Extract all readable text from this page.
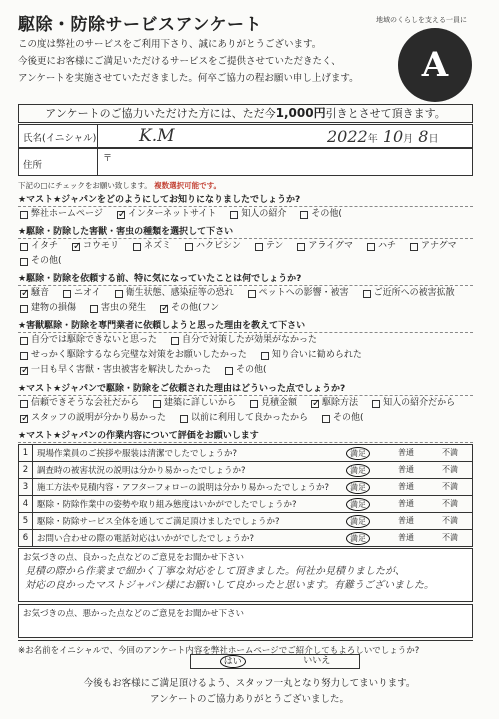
駆除・防除サービスアンケート	地域のくらしを支える一員に
A
この度は弊社のサービスをご利用下さり、誠にありがとうございます。
今後更にお客様にご満足いただけるサービスをご提供させていただきたく、
アンケートを実施させていただきました。何卒ご協力の程お願い申し上げます。
アンケートのご協力いただけた方には、ただ今1,000円引きとさせて頂きます。
氏名(イニシャル)	K.M	2022年 10月 8日
住所
〒
下記の□にチェックをお願い致します。 複数選択可能です。
★マスト★ジャパンをどのようにしてお知りになりましたでしょうか?
弊社ホームページ ✓	インターネットサイト	知人の紹介	その他(
★駆除・防除した害獣・害虫の種類を選択して下さい
イタチ ✓	コウモリ	ネズミ	ハクビシン	テン	アライグマ	ハチ	アナグマ
その他(
★駆除・防除を依頼する前、特に気になっていたことは何でしょうか?
✓
騒音	ニオイ	衛生状態、感染症等の恐れ	ペットへの影響・被害	ご近所への被害拡散
建物の損傷	害虫の発生 ✓	その他(フン
★害獣駆除・防除を専門業者に依頼しようと思った理由を教えて下さい
自分では駆除できないと思った	自分で対策したが効果がなかった
せっかく駆除するなら完璧な対策をお願いしたかった	知り合いに勧められた
✓
一日も早く害獣・害虫被害を解決したかった	その他(
★マスト★ジャパンで駆除・防除をご依頼された理由はどういった点でしょうか?
信頼できそうな会社だから	建築に詳しいから	見積金額 ✓	駆除方法	知人の紹介だから
✓
スタッフの説明が分かり易かった	以前に利用して良かったから	その他(
★マスト★ジャパンの作業内容について評価をお願いします
1	現場作業員のご挨拶や服装は清潔でしたでしょうか?	満足	普通	不満
2	調査時の被害状況の説明は分かり易かったでしょうか?	満足	普通	不満
3	施工方法や見積内容・アフターフォローの説明は分かり易かったでしょうか?	満足	普通	不満
4	駆除・防除作業中の姿勢や取り組み態度はいかがでしたでしょうか?	満足	普通	不満
5	駆除・防除サービス全体を通してご満足頂けましたでしょうか?	満足	普通	不満
6	お問い合わせの際の電話対応はいかがでしたでしょうか?	満足	普通	不満
お気づきの点、良かった点などのご意見をお聞かせ下さい
見積の際から作業まで細かく丁寧な対応をして頂きました。何社か見積りましたが、
対応の良かったマストジャパン様にお願いして良かったと思います。有難うございました。
お気づきの点、悪かった点などのご意見をお聞かせ下さい
※お名前をイニシャルで、今回のアンケート内容を弊社ホームページでご紹介してもよろしいでしょうか?
はい	いいえ
今後もお客様にご満足頂けるよう、スタッフ一丸となり努力してまいります。
アンケートのご協力ありがとうございました。
